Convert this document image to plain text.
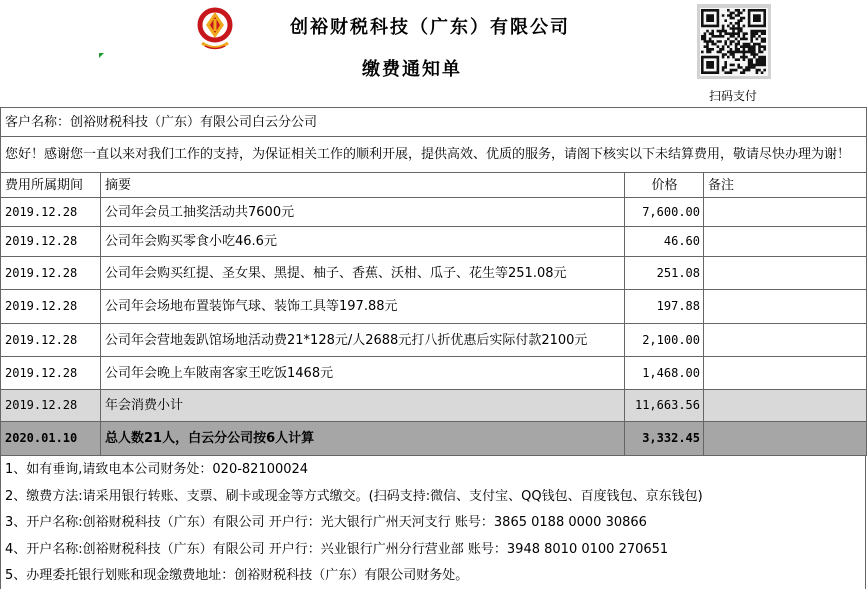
创裕财税科技（广东）有限公司
缴费通知单
扫码支付
客户名称：创裕财税科技（广东）有限公司白云分公司			
您好！感谢您一直以来对我们工作的支持，为保证相关工作的顺利开展，提供高效、优质的服务，请阁下核实以下未结算费用，敬请尽快办理为谢！			
费用所属期间	摘要	价格	备注
2019.12.28	公司年会员工抽奖活动共7600元	7,600.00	
2019.12.28	公司年会购买零食小吃46.6元	46.60	
2019.12.28	公司年会购买红提、圣女果、黑提、柚子、香蕉、沃柑、瓜子、花生等251.08元	251.08	
2019.12.28	公司年会场地布置装饰气球、装饰工具等197.88元	197.88	
2019.12.28	公司年会营地轰趴馆场地活动费21*128元/人2688元打八折优惠后实际付款2100元	2,100.00	
2019.12.28	公司年会晚上车陂南客家王吃饭1468元	1,468.00	
2019.12.28	年会消费小计	11,663.56	
2020.01.10	总人数21人，白云分公司按6人计算	3,332.45	
1、如有垂询,请致电本公司财务处：020-82100024
2、缴费方法:请采用银行转账、支票、刷卡或现金等方式缴交。(扫码支持:微信、支付宝、QQ钱包、百度钱包、京东钱包)
3、开户名称:创裕财税科技（广东）有限公司 开户行：光大银行广州天河支行 账号：3865 0188 0000 30866
4、开户名称:创裕财税科技（广东）有限公司 开户行：兴业银行广州分行营业部 账号：3948 8010 0100 270651
5、办理委托银行划账和现金缴费地址：创裕财税科技（广东）有限公司财务处。
